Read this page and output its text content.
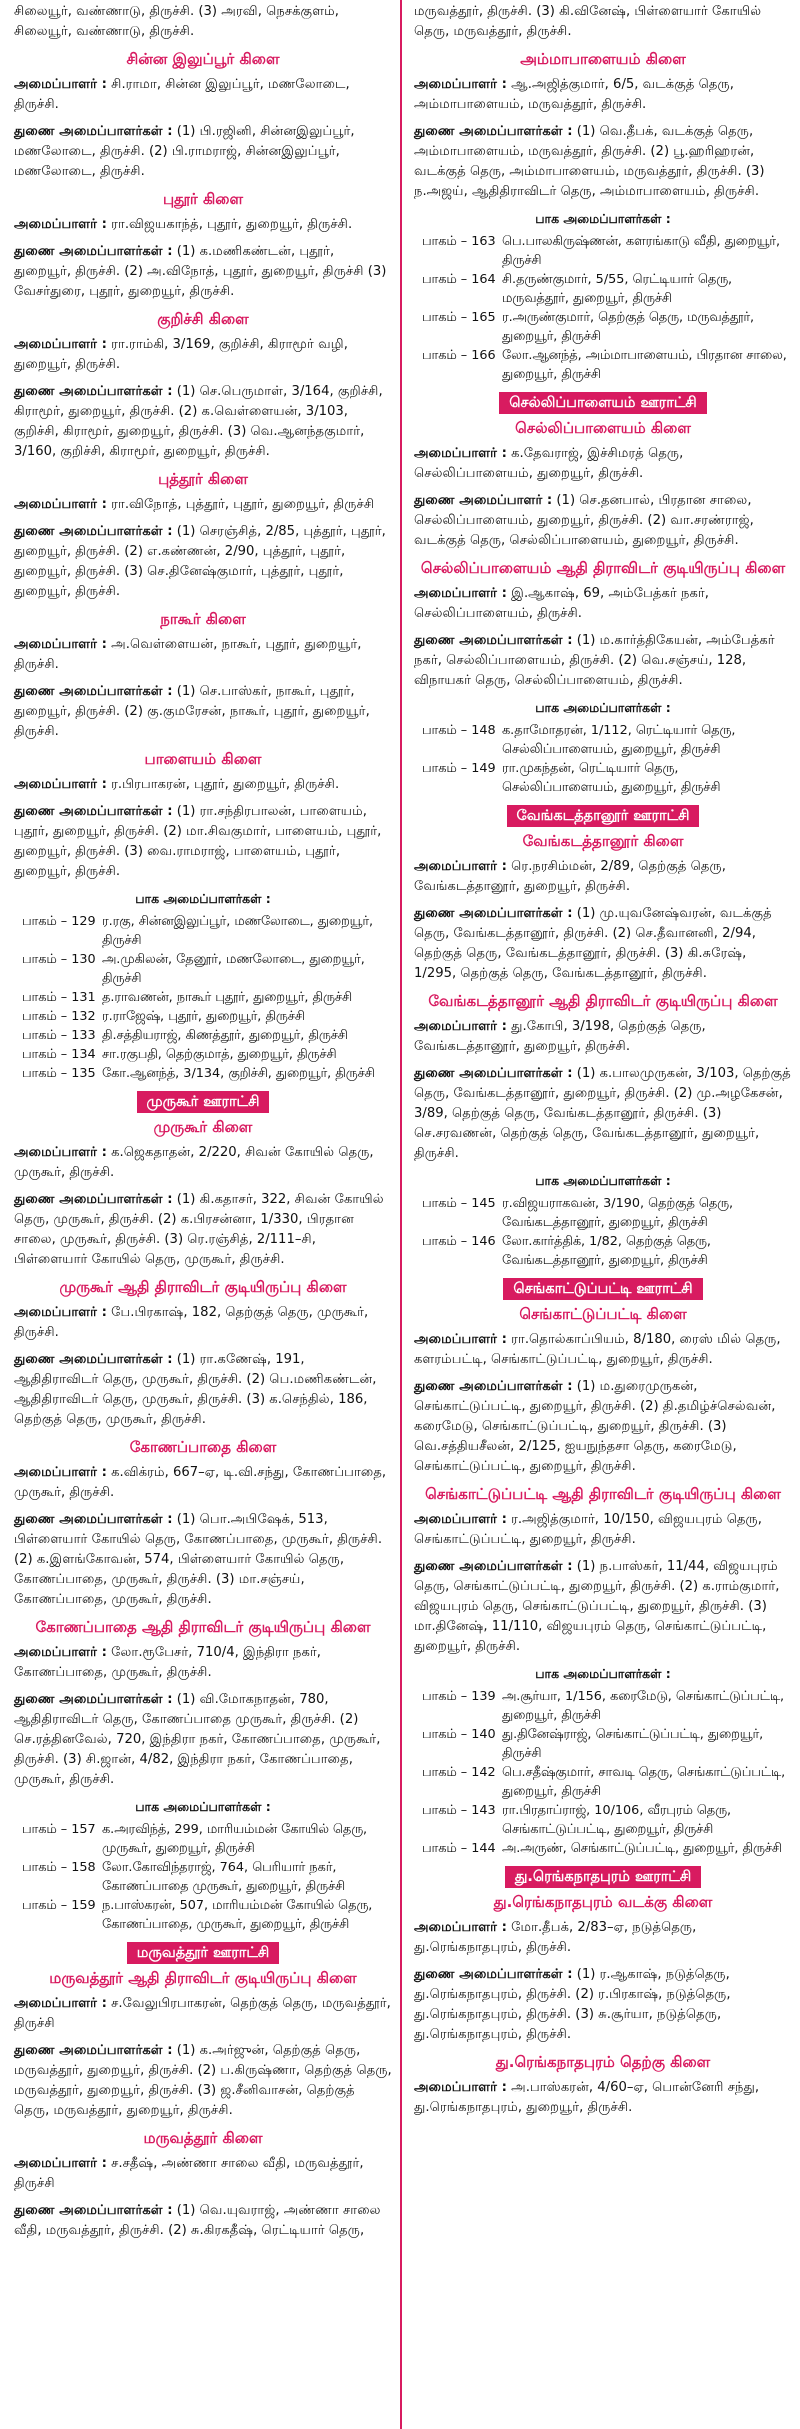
சிலையூர், வண்ணாடு, திருச்சி. (3) அரவி, நெசக்குளம், சிலையூர், வண்ணாடு, திருச்சி.

சின்ன இலுப்பூர் கிளை

அமைப்பாளர் : சி.ராமா, சின்ன இலுப்பூர், மணலோடை, திருச்சி.

துணை அமைப்பாளர்கள் : (1) பி.ரஜினி, சின்னஇலுப்பூர், மணலோடை, திருச்சி. (2) பி.ராமராஜ், சின்னஇலுப்பூர், மணலோடை, திருச்சி.

புதூர் கிளை

அமைப்பாளர் : ரா.விஜயகாந்த், புதூர், துறையூர், திருச்சி.

துணை அமைப்பாளர்கள் : (1) க.மணிகண்டன், புதூர், துறையூர், திருச்சி. (2) அ.விநோத், புதூர், துறையூர், திருச்சி (3) வேசர்துரை, புதூர், துறையூர், திருச்சி.

குறிச்சி கிளை

அமைப்பாளர் : ரா.ராம்கி, 3/169, குறிச்சி, கிராமூர் வழி, துறையூர், திருச்சி.

துணை அமைப்பாளர்கள் : (1) செ.பெருமாள், 3/164, குறிச்சி, கிராமூர், துறையூர், திருச்சி. (2) க.வெள்ளையன், 3/103, குறிச்சி, கிராமூர், துறையூர், திருச்சி. (3) வெ.ஆனந்தகுமார், 3/160, குறிச்சி, கிராமூர், துறையூர், திருச்சி.

புத்தூர் கிளை

அமைப்பாளர் : ரா.விநோத், புத்தூர், புதூர், துறையூர், திருச்சி

துணை அமைப்பாளர்கள் : (1) செரஞ்சித், 2/85, புத்தூர், புதூர், துறையூர், திருச்சி. (2) எ.கண்ணன், 2/90, புத்தூர், புதூர், துறையூர், திருச்சி. (3) செ.தினேஷ்குமார், புத்தூர், புதூர், துறையூர், திருச்சி.

நாகூர் கிளை

அமைப்பாளர் : அ.வெள்ளையன், நாகூர், புதூர், துறையூர், திருச்சி.

துணை அமைப்பாளர்கள் : (1) செ.பாஸ்கர், நாகூர், புதூர், துறையூர், திருச்சி. (2) கு.குமரேசன், நாகூர், புதூர், துறையூர், திருச்சி.

பாளையம் கிளை

அமைப்பாளர் : ர.பிரபாகரன், புதூர், துறையூர், திருச்சி.

துணை அமைப்பாளர்கள் : (1) ரா.சந்திரபாலன், பாளையம், புதூர், துறையூர், திருச்சி. (2) மா.சிவகுமார், பாளையம், புதூர், துறையூர், திருச்சி. (3) வை.ராமராஜ், பாளையம், புதூர், துறையூர், திருச்சி.

பாக அமைப்பாளர்கள் :
பாகம் – 129 ர.ரகு, சின்னஇலுப்பூர், மணலோடை, துறையூர், திருச்சி
பாகம் – 130 அ.முகிலன், தேனூர், மணலோடை, துறையூர், திருச்சி
பாகம் – 131 த.ராவணன், நாகூர் புதூர், துறையூர், திருச்சி
பாகம் – 132 ர.ராஜேஷ், புதூர், துறையூர், திருச்சி
பாகம் – 133 தி.சத்தியராஜ், கிணத்தூர், துறையூர், திருச்சி
பாகம் – 134 சா.ரகுபதி, தெற்குமாத், துறையூர், திருச்சி
பாகம் – 135 கோ.ஆனந்த், 3/134, குறிச்சி, துறையூர், திருச்சி
முருகூர் ஊராட்சி
முருகூர் கிளை

அமைப்பாளர் : க.ஜெகதாதன், 2/220, சிவன் கோயில் தெரு, முருகூர், திருச்சி.

துணை அமைப்பாளர்கள் : (1) கி.கதாசர், 322, சிவன் கோயில் தெரு, முருகூர், திருச்சி. (2) க.பிரசன்னா, 1/330, பிரதான சாலை, முருகூர், திருச்சி. (3) ரெ.ரஞ்சித், 2/111–சி, பிள்ளையார் கோயில் தெரு, முருகூர், திருச்சி.

முருகூர் ஆதி திராவிடர் குடியிருப்பு கிளை

அமைப்பாளர் : பே.பிரகாஷ், 182, தெற்குத் தெரு, முருகூர், திருச்சி.

துணை அமைப்பாளர்கள் : (1) ரா.கணேஷ், 191, ஆதிதிராவிடர் தெரு, முருகூர், திருச்சி. (2) பெ.மணிகண்டன், ஆதிதிராவிடர் தெரு, முருகூர், திருச்சி. (3) க.செந்தில், 186, தெற்குத் தெரு, முருகூர், திருச்சி.

கோணப்பாதை கிளை

அமைப்பாளர் : க.விக்ரம், 667–ஏ, டி.வி.சந்து, கோணப்பாதை, முருகூர், திருச்சி.

துணை அமைப்பாளர்கள் : (1) பொ.அபிஷேக், 513, பிள்ளையார் கோயில் தெரு, கோணப்பாதை, முருகூர், திருச்சி. (2) க.இளங்கோவன், 574, பிள்ளையார் கோயில் தெரு, கோணப்பாதை, முருகூர், திருச்சி. (3) மா.சஞ்சய், கோணப்பாதை, முருகூர், திருச்சி.

கோணப்பாதை ஆதி திராவிடர் குடியிருப்பு கிளை

அமைப்பாளர் : லோ.ரூபேசர், 710/4, இந்திரா நகர், கோணப்பாதை, முருகூர், திருச்சி.

துணை அமைப்பாளர்கள் : (1) வி.மோகநாதன், 780, ஆதிதிராவிடர் தெரு, கோணப்பாதை முருகூர், திருச்சி. (2) செ.ரத்தினவேல், 720, இந்திரா நகர், கோணப்பாதை, முருகூர், திருச்சி. (3) சி.ஜான், 4/82, இந்திரா நகர், கோணப்பாதை, முருகூர், திருச்சி.

பாக அமைப்பாளர்கள் :
பாகம் – 157 க.அரவிந்த், 299, மாரியம்மன் கோயில் தெரு, முருகூர், துறையூர், திருச்சி
பாகம் – 158 லோ.கோவிந்தராஜ், 764, பெரியார் நகர், கோணப்பாதை முருகூர், துறையூர், திருச்சி
பாகம் – 159 ந.பாஸ்கரன், 507, மாரியம்மன் கோயில் தெரு, கோணப்பாதை, முருகூர், துறையூர், திருச்சி
மருவத்தூர் ஊராட்சி
மருவத்தூர் ஆதி திராவிடர் குடியிருப்பு கிளை

அமைப்பாளர் : ச.வேலுபிரபாகரன், தெற்குத் தெரு, மருவத்தூர், திருச்சி

துணை அமைப்பாளர்கள் : (1) க.அர்ஜுன், தெற்குத் தெரு, மருவத்தூர், துறையூர், திருச்சி. (2) ப.கிருஷ்ணா, தெற்குத் தெரு, மருவத்தூர், துறையூர், திருச்சி. (3) ஜ.சீனிவாசன், தெற்குத் தெரு, மருவத்தூர், துறையூர், திருச்சி.

மருவத்தூர் கிளை

அமைப்பாளர் : ச.சதீஷ், அண்ணா சாலை வீதி, மருவத்தூர், திருச்சி

துணை அமைப்பாளர்கள் : (1) வெ.யுவராஜ், அண்ணா சாலை வீதி, மருவத்தூர், திருச்சி. (2) சு.கிரகதீஷ், ரெட்டியார் தெரு,

மருவத்தூர், திருச்சி. (3) கி.வினேஷ், பிள்ளையார் கோயில் தெரு, மருவத்தூர், திருச்சி.

அம்மாபாளையம் கிளை

அமைப்பாளர் : ஆ.அஜித்குமார், 6/5, வடக்குத் தெரு, அம்மாபாளையம், மருவத்தூர், திருச்சி.

துணை அமைப்பாளர்கள் : (1) வெ.தீபக், வடக்குத் தெரு, அம்மாபாளையம், மருவத்தூர், திருச்சி. (2) பூ.ஹரிஹரன், வடக்குத் தெரு, அம்மாபாளையம், மருவத்தூர், திருச்சி. (3) ந.அஜய், ஆதிதிராவிடர் தெரு, அம்மாபாளையம், திருச்சி.

பாக அமைப்பாளர்கள் :
பாகம் – 163 பெ.பாலகிருஷ்ணன், களரங்காடு வீதி, துறையூர், திருச்சி
பாகம் – 164 சி.தருண்குமார், 5/55, ரெட்டியார் தெரு, மருவத்தூர், துறையூர், திருச்சி
பாகம் – 165 ர.அருண்குமார், தெற்குத் தெரு, மருவத்தூர், துறையூர், திருச்சி
பாகம் – 166 லோ.ஆனந்த், அம்மாபாளையம், பிரதான சாலை, துறையூர், திருச்சி
செல்லிப்பாளையம் ஊராட்சி
செல்லிப்பாளையம் கிளை

அமைப்பாளர் : க.தேவராஜ், இச்சிமரத் தெரு, செல்லிப்பாளையம், துறையூர், திருச்சி.

துணை அமைப்பாளர் : (1) செ.தனபால், பிரதான சாலை, செல்லிப்பாளையம், துறையூர், திருச்சி. (2) வா.சரண்ராஜ், வடக்குத் தெரு, செல்லிப்பாளையம், துறையூர், திருச்சி.

செல்லிப்பாளையம் ஆதி திராவிடர் குடியிருப்பு கிளை

அமைப்பாளர் : இ.ஆகாஷ், 69, அம்பேத்கர் நகர், செல்லிப்பாளையம், திருச்சி.

துணை அமைப்பாளர்கள் : (1) ம.கார்த்திகேயன், அம்பேத்கர் நகர், செல்லிப்பாளையம், திருச்சி. (2) வெ.சஞ்சய், 128, விநாயகர் தெரு, செல்லிப்பாளையம், திருச்சி.

பாக அமைப்பாளர்கள் :
பாகம் – 148 க.தாமோதரன், 1/112, ரெட்டியார் தெரு, செல்லிப்பாளையம், துறையூர், திருச்சி
பாகம் – 149 ரா.முகந்தன், ரெட்டியார் தெரு, செல்லிப்பாளையம், துறையூர், திருச்சி
வேங்கடத்தானூர் ஊராட்சி
வேங்கடத்தானூர் கிளை

அமைப்பாளர் : ரெ.நரசிம்மன், 2/89, தெற்குத் தெரு, வேங்கடத்தானூர், துறையூர், திருச்சி.

துணை அமைப்பாளர்கள் : (1) மு.யுவனேஷ்வரன், வடக்குத் தெரு, வேங்கடத்தானூர், திருச்சி. (2) செ.தீவானனி, 2/94, தெற்குத் தெரு, வேங்கடத்தானூர், திருச்சி. (3) கி.சுரேஷ், 1/295, தெற்குத் தெரு, வேங்கடத்தானூர், திருச்சி.

வேங்கடத்தானூர் ஆதி திராவிடர் குடியிருப்பு கிளை

அமைப்பாளர் : து.கோபி, 3/198, தெற்குத் தெரு, வேங்கடத்தானூர், துறையூர், திருச்சி.

துணை அமைப்பாளர்கள் : (1) க.பாலமுருகன், 3/103, தெற்குத் தெரு, வேங்கடத்தானூர், துறையூர், திருச்சி. (2) மு.அழகேசன், 3/89, தெற்குத் தெரு, வேங்கடத்தானூர், திருச்சி. (3) செ.சரவணன், தெற்குத் தெரு, வேங்கடத்தானூர், துறையூர், திருச்சி.

பாக அமைப்பாளர்கள் :
பாகம் – 145 ர.விஜயராகவன், 3/190, தெற்குத் தெரு, வேங்கடத்தானூர், துறையூர், திருச்சி
பாகம் – 146 லோ.கார்த்திக், 1/82, தெற்குத் தெரு, வேங்கடத்தானூர், துறையூர், திருச்சி
செங்காட்டுப்பட்டி ஊராட்சி
செங்காட்டுப்பட்டி கிளை

அமைப்பாளர் : ரா.தொல்காப்பியம், 8/180, ரைஸ் மில் தெரு, களரம்பட்டி, செங்காட்டுப்பட்டி, துறையூர், திருச்சி.

துணை அமைப்பாளர்கள் : (1) ம.துரைமுருகன், செங்காட்டுப்பட்டி, துறையூர், திருச்சி. (2) தி.தமிழ்ச்செல்வன், கரைமேடு, செங்காட்டுப்பட்டி, துறையூர், திருச்சி. (3) வெ.சத்தியசீலன், 2/125, ஐயநுந்தசா தெரு, கரைமேடு, செங்காட்டுப்பட்டி, துறையூர், திருச்சி.

செங்காட்டுப்பட்டி ஆதி திராவிடர் குடியிருப்பு கிளை

அமைப்பாளர் : ர.அஜித்குமார், 10/150, விஜயபுரம் தெரு, செங்காட்டுப்பட்டி, துறையூர், திருச்சி.

துணை அமைப்பாளர்கள் : (1) ந.பாஸ்கர், 11/44, விஜயபுரம் தெரு, செங்காட்டுப்பட்டி, துறையூர், திருச்சி. (2) க.ராம்குமார், விஜயபுரம் தெரு, செங்காட்டுப்பட்டி, துறையூர், திருச்சி. (3) மா.தினேஷ், 11/110, விஜயபுரம் தெரு, செங்காட்டுப்பட்டி, துறையூர், திருச்சி.

பாக அமைப்பாளர்கள் :
பாகம் – 139 அ.சூர்யா, 1/156, கரைமேடு, செங்காட்டுப்பட்டி, துறையூர், திருச்சி
பாகம் – 140 து.தினேஷ்ராஜ், செங்காட்டுப்பட்டி, துறையூர், திருச்சி
பாகம் – 142 பெ.சதீஷ்குமார், சாவடி தெரு, செங்காட்டுப்பட்டி, துறையூர், திருச்சி
பாகம் – 143 ரா.பிரதாப்ராஜ், 10/106, வீரபுரம் தெரு, செங்காட்டுப்பட்டி, துறையூர், திருச்சி
பாகம் – 144 அ.அருண், செங்காட்டுப்பட்டி, துறையூர், திருச்சி
து.ரெங்கநாதபுரம் ஊராட்சி
து.ரெங்கநாதபுரம் வடக்கு கிளை

அமைப்பாளர் : மோ.தீபக், 2/83–ஏ, நடுத்தெரு, து.ரெங்கநாதபுரம், திருச்சி.

துணை அமைப்பாளர்கள் : (1) ர.ஆகாஷ், நடுத்தெரு, து.ரெங்கநாதபுரம், திருச்சி. (2) ர.பிரகாஷ், நடுத்தெரு, து.ரெங்கநாதபுரம், திருச்சி. (3) சு.சூர்யா, நடுத்தெரு, து.ரெங்கநாதபுரம், திருச்சி.

து.ரெங்கநாதபுரம் தெற்கு கிளை

அமைப்பாளர் : அ.பாஸ்கரன், 4/60–ஏ, பொன்னேரி சந்து, து.ரெங்கநாதபுரம், துறையூர், திருச்சி.
